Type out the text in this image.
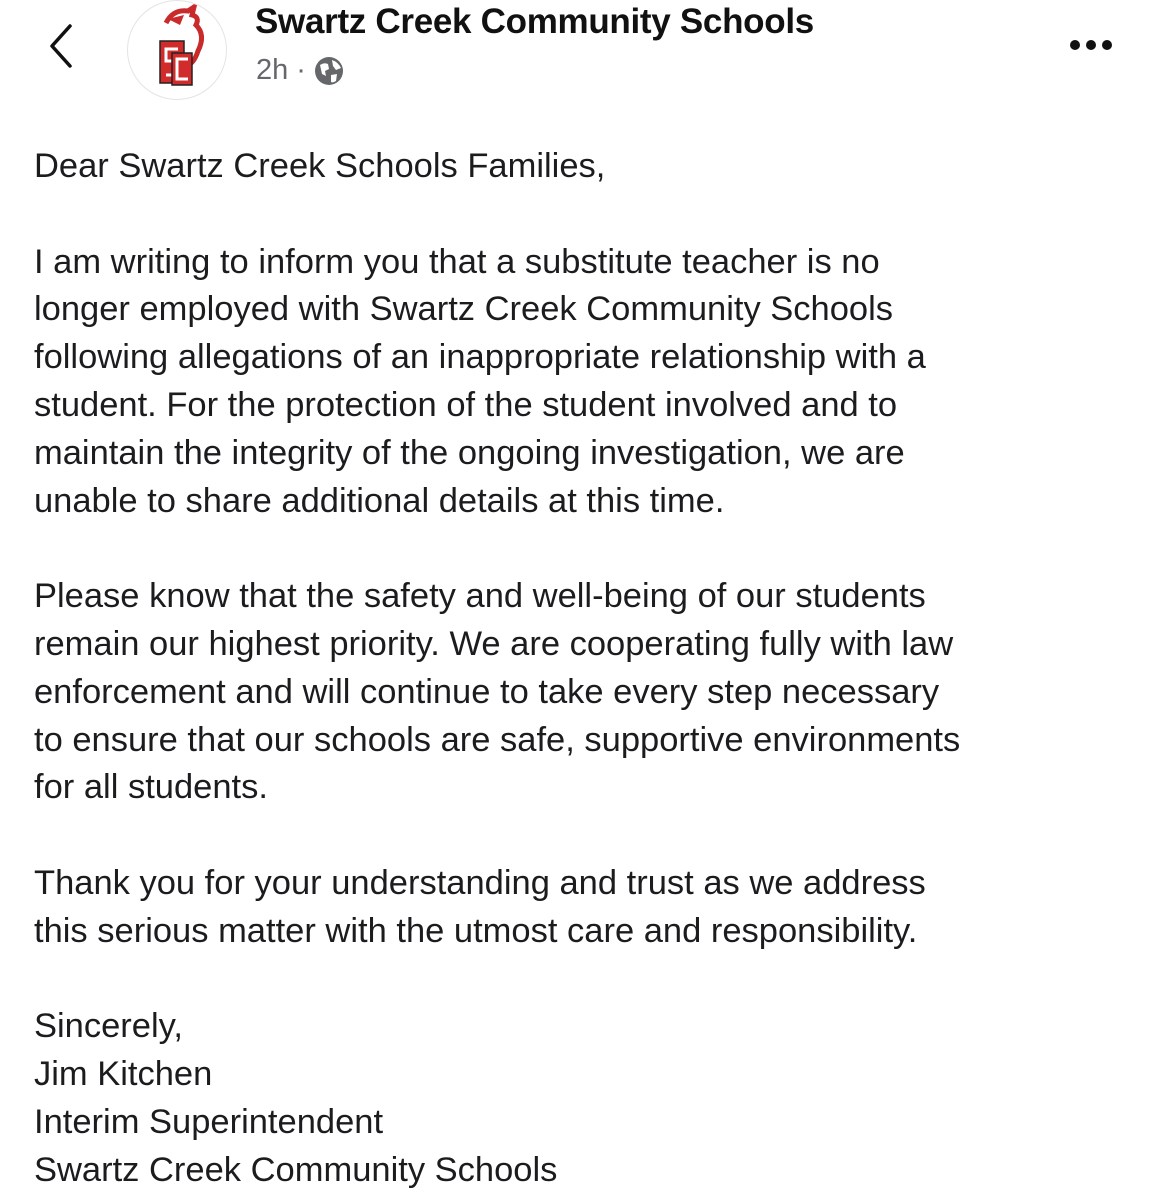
Swartz Creek Community Schools
2h ·
Dear Swartz Creek Schools Families,
I am writing to inform you that a substitute teacher is no
longer employed with Swartz Creek Community Schools
following allegations of an inappropriate relationship with a
student. For the protection of the student involved and to
maintain the integrity of the ongoing investigation, we are
unable to share additional details at this time.
Please know that the safety and well-being of our students
remain our highest priority. We are cooperating fully with law
enforcement and will continue to take every step necessary
to ensure that our schools are safe, supportive environments
for all students.
Thank you for your understanding and trust as we address
this serious matter with the utmost care and responsibility.
Sincerely,
Jim Kitchen
Interim Superintendent
Swartz Creek Community Schools
